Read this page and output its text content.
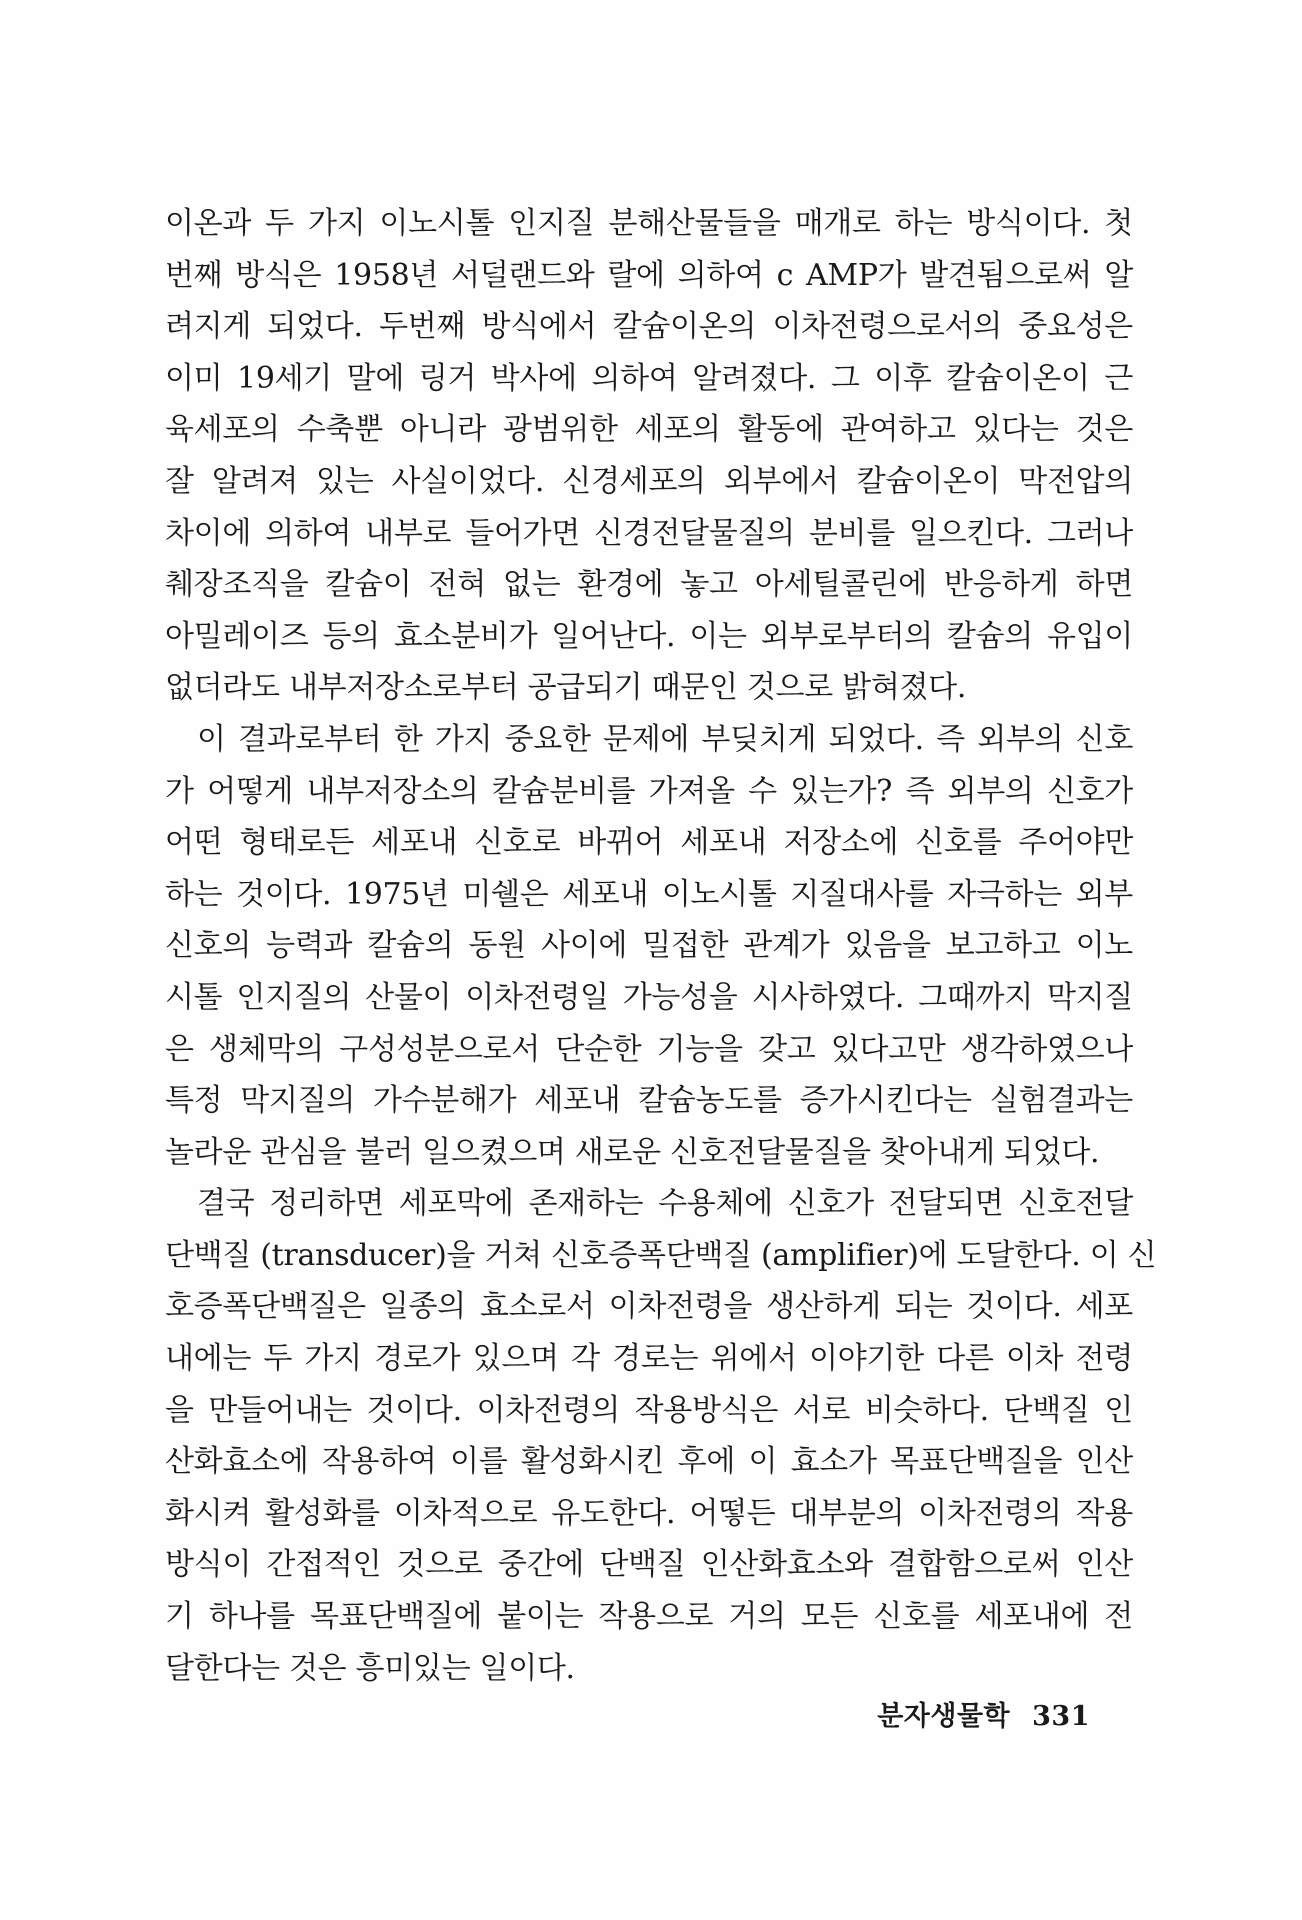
이온과 두 가지 이노시톨 인지질 분해산물들을 매개로 하는 방식이다. 첫
번째 방식은 1958년 서덜랜드와 랄에 의하여 c AMP가 발견됨으로써 알
려지게 되었다. 두번째 방식에서 칼슘이온의 이차전령으로서의 중요성은
이미 19세기 말에 링거 박사에 의하여 알려졌다. 그 이후 칼슘이온이 근
육세포의 수축뿐 아니라 광범위한 세포의 활동에 관여하고 있다는 것은
잘 알려져 있는 사실이었다. 신경세포의 외부에서 칼슘이온이 막전압의
차이에 의하여 내부로 들어가면 신경전달물질의 분비를 일으킨다. 그러나
췌장조직을 칼슘이 전혀 없는 환경에 놓고 아세틸콜린에 반응하게 하면
아밀레이즈 등의 효소분비가 일어난다. 이는 외부로부터의 칼슘의 유입이
없더라도 내부저장소로부터 공급되기 때문인 것으로 밝혀졌다.
이 결과로부터 한 가지 중요한 문제에 부딪치게 되었다. 즉 외부의 신호
가 어떻게 내부저장소의 칼슘분비를 가져올 수 있는가? 즉 외부의 신호가
어떤 형태로든 세포내 신호로 바뀌어 세포내 저장소에 신호를 주어야만
하는 것이다. 1975년 미쉘은 세포내 이노시톨 지질대사를 자극하는 외부
신호의 능력과 칼슘의 동원 사이에 밀접한 관계가 있음을 보고하고 이노
시톨 인지질의 산물이 이차전령일 가능성을 시사하였다. 그때까지 막지질
은 생체막의 구성성분으로서 단순한 기능을 갖고 있다고만 생각하였으나
특정 막지질의 가수분해가 세포내 칼슘농도를 증가시킨다는 실험결과는
놀라운 관심을 불러 일으켰으며 새로운 신호전달물질을 찾아내게 되었다.
결국 정리하면 세포막에 존재하는 수용체에 신호가 전달되면 신호전달
단백질 (transducer)을 거쳐 신호증폭단백질 (amplifier)에 도달한다. 이 신
호증폭단백질은 일종의 효소로서 이차전령을 생산하게 되는 것이다. 세포
내에는 두 가지 경로가 있으며 각 경로는 위에서 이야기한 다른 이차 전령
을 만들어내는 것이다. 이차전령의 작용방식은 서로 비슷하다. 단백질 인
산화효소에 작용하여 이를 활성화시킨 후에 이 효소가 목표단백질을 인산
화시켜 활성화를 이차적으로 유도한다. 어떻든 대부분의 이차전령의 작용
방식이 간접적인 것으로 중간에 단백질 인산화효소와 결합함으로써 인산
기 하나를 목표단백질에 붙이는 작용으로 거의 모든 신호를 세포내에 전
달한다는 것은 흥미있는 일이다.
분자생물학 331
